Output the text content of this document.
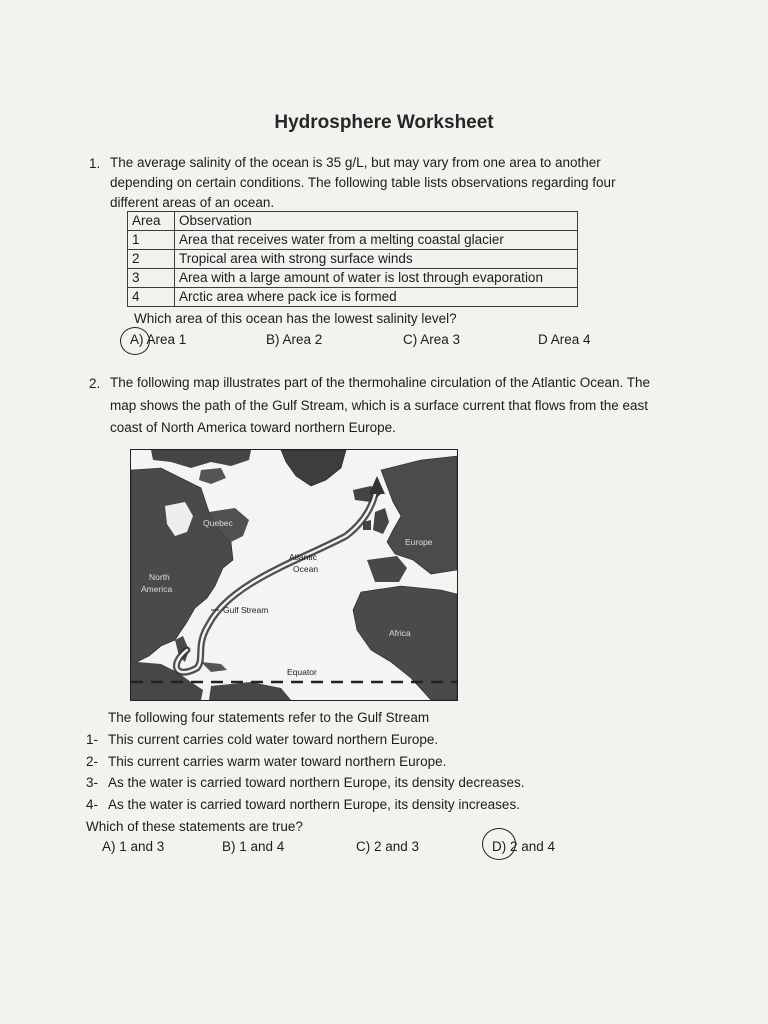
Hydrosphere Worksheet
1. The average salinity of the ocean is 35 g/L, but may vary from one area to another
depending on certain conditions. The following table lists observations regarding four
different areas of an ocean.
Area	Observation
1	Area that receives water from a melting coastal glacier
2	Tropical area with strong surface winds
3	Area with a large amount of water is lost through evaporation
4	Arctic area where pack ice is formed
Which area of this ocean has the lowest salinity level?
A) Area 1	B) Area 2	C) Area 3	D Area 4
2. The following map illustrates part of the thermohaline circulation of the Atlantic Ocean. The
map shows the path of the Gulf Stream, which is a surface current that flows from the east
coast of North America toward northern Europe.
Quebec
North
America
Atlantic
Ocean
Gulf Stream
Europe
Africa
Equator
The following four statements refer to the Gulf Stream
1- This current carries cold water toward northern Europe.
2- This current carries warm water toward northern Europe.
3- As the water is carried toward northern Europe, its density decreases.
4- As the water is carried toward northern Europe, its density increases.
Which of these statements are true?
A) 1 and 3	B) 1 and 4	C) 2 and 3	D) 2 and 4
